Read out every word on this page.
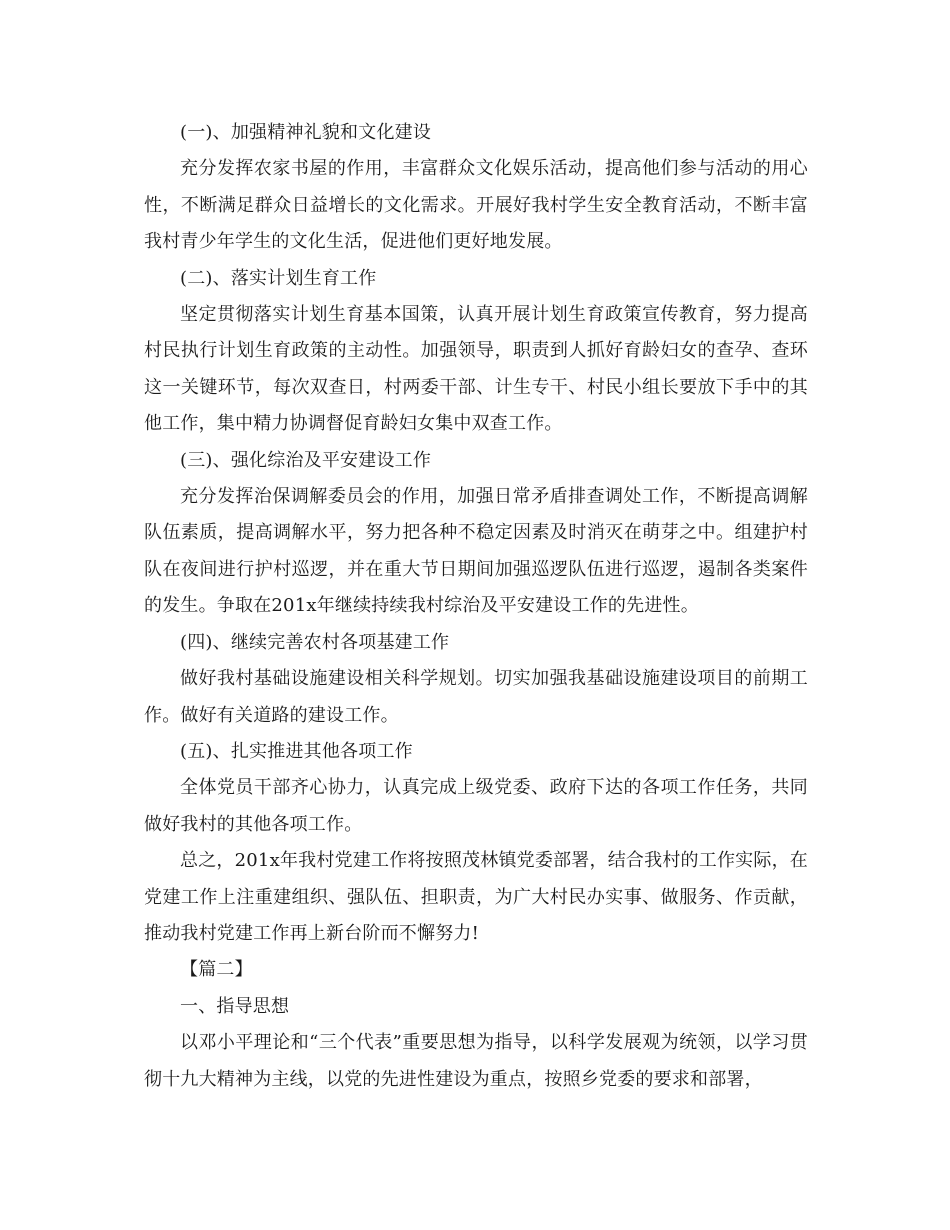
(一)、加强精神礼貌和文化建设

充分发挥农家书屋的作用，丰富群众文化娱乐活动，提高他们参与活动的用心性，不断满足群众日益增长的文化需求。开展好我村学生安全教育活动，不断丰富我村青少年学生的文化生活，促进他们更好地发展。

(二)、落实计划生育工作

坚定贯彻落实计划生育基本国策，认真开展计划生育政策宣传教育，努力提高村民执行计划生育政策的主动性。加强领导，职责到人抓好育龄妇女的查孕、查环这一关键环节，每次双查日，村两委干部、计生专干、村民小组长要放下手中的其他工作，集中精力协调督促育龄妇女集中双查工作。

(三)、强化综治及平安建设工作

充分发挥治保调解委员会的作用，加强日常矛盾排查调处工作，不断提高调解队伍素质，提高调解水平，努力把各种不稳定因素及时消灭在萌芽之中。组建护村队在夜间进行护村巡逻，并在重大节日期间加强巡逻队伍进行巡逻，遏制各类案件的发生。争取在201x年继续持续我村综治及平安建设工作的先进性。

(四)、继续完善农村各项基建工作

做好我村基础设施建设相关科学规划。切实加强我基础设施建设项目的前期工作。做好有关道路的建设工作。

(五)、扎实推进其他各项工作

全体党员干部齐心协力，认真完成上级党委、政府下达的各项工作任务，共同做好我村的其他各项工作。

总之，201x年我村党建工作将按照茂林镇党委部署，结合我村的工作实际，在党建工作上注重建组织、强队伍、担职责，为广大村民办实事、做服务、作贡献，推动我村党建工作再上新台阶而不懈努力!

【篇二】

一、指导思想

以邓小平理论和“三个代表”重要思想为指导，以科学发展观为统领，以学习贯彻十九大精神为主线，以党的先进性建设为重点，按照乡党委的要求和部署，
